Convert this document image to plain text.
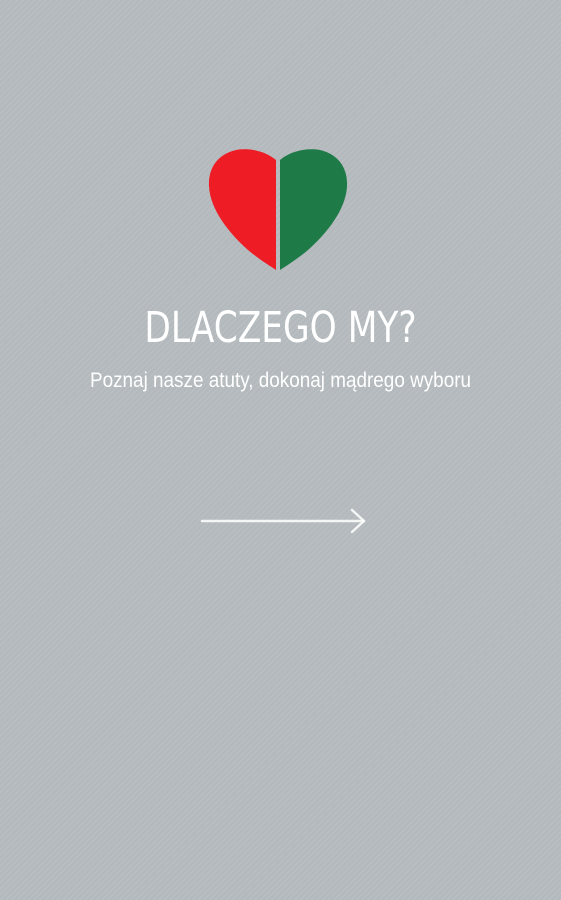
DLACZEGO MY?

Poznaj nasze atuty, dokonaj mądrego wyboru
